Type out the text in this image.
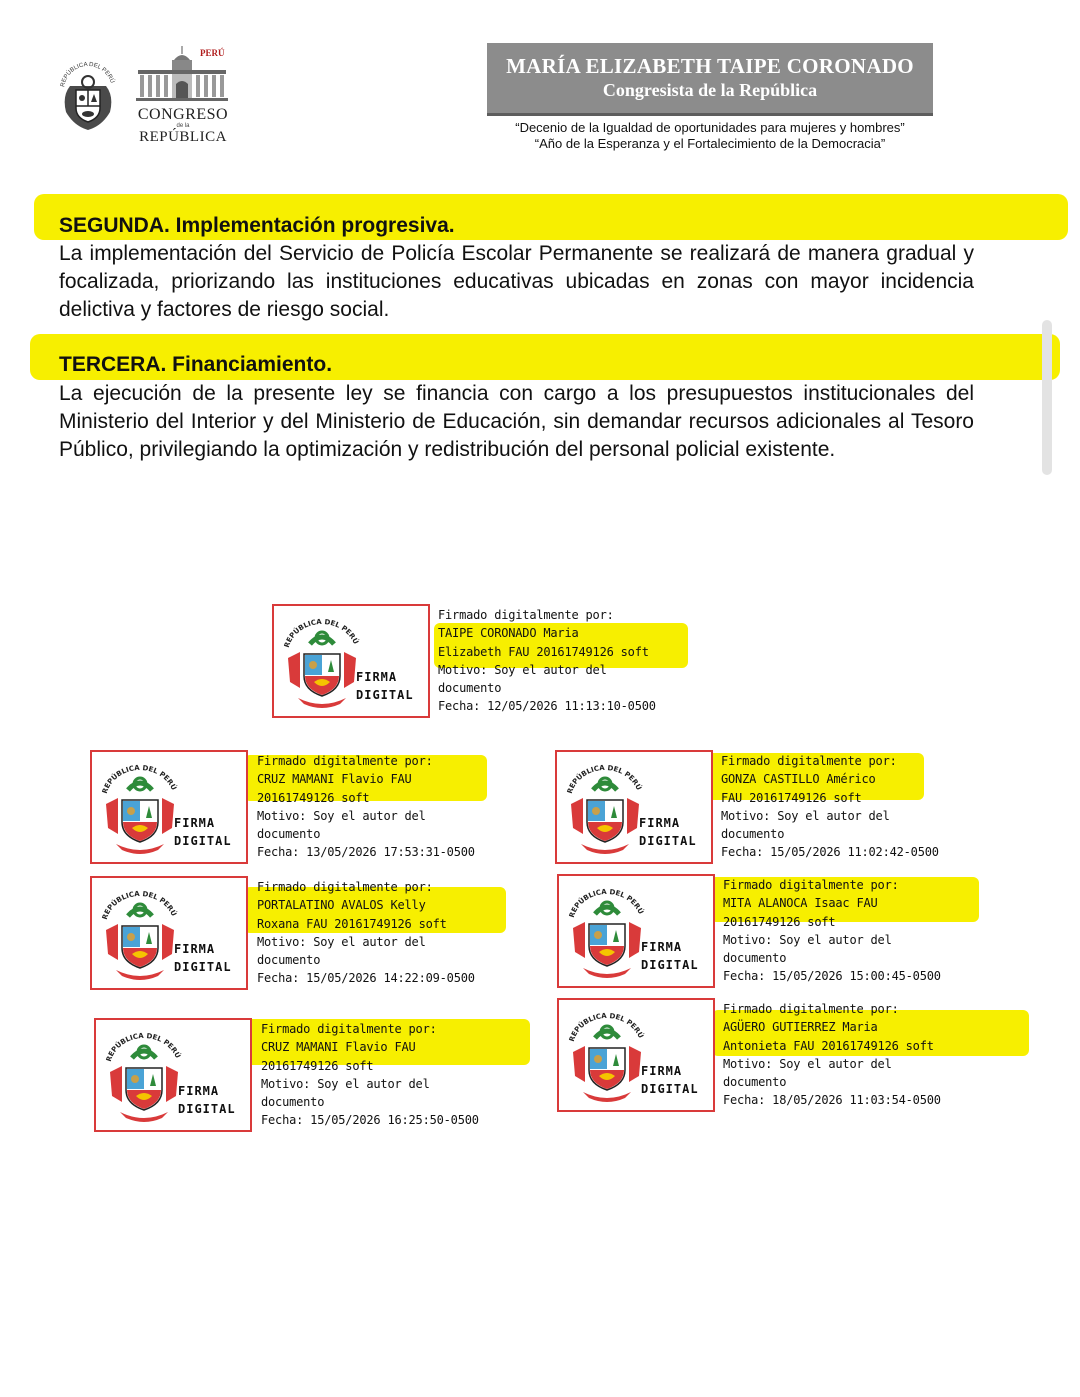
REPÚBLICA DEL PERÚ
PERÚ
CONGRESO
de la
REPÚBLICA
MARÍA ELIZABETH TAIPE CORONADO
Congresista de la República
“Decenio de la Igualdad de oportunidades para mujeres y hombres”
“Año de la Esperanza y el Fortalecimiento de la Democracia”
SEGUNDA. Implementación progresiva.
La implementación del Servicio de Policía Escolar Permanente se realizará de manera gradual y focalizada, priorizando las instituciones educativas ubicadas en zonas con mayor incidencia delictiva y factores de riesgo social.
TERCERA. Financiamiento.
La ejecución de la presente ley se financia con cargo a los presupuestos institucionales del Ministerio del Interior y del Ministerio de Educación, sin demandar recursos adicionales al Tesoro Público, privilegiando la optimización y redistribución del personal policial existente.
REPÚBLICA DEL PERÚ
FIRMA
DIGITAL
Firmado digitalmente por:
TAIPE CORONADO Maria
Elizabeth FAU 20161749126 soft
Motivo: Soy el autor del
documento
Fecha: 12/05/2026 11:13:10-0500
REPÚBLICA DEL PERÚ
FIRMA
DIGITAL
Firmado digitalmente por:
CRUZ MAMANI Flavio FAU
20161749126 soft
Motivo: Soy el autor del
documento
Fecha: 13/05/2026 17:53:31-0500
REPÚBLICA DEL PERÚ
FIRMA
DIGITAL
Firmado digitalmente por:
GONZA CASTILLO Américo
FAU 20161749126 soft
Motivo: Soy el autor del
documento
Fecha: 15/05/2026 11:02:42-0500
REPÚBLICA DEL PERÚ
FIRMA
DIGITAL
Firmado digitalmente por:
PORTALATINO AVALOS Kelly
Roxana FAU 20161749126 soft
Motivo: Soy el autor del
documento
Fecha: 15/05/2026 14:22:09-0500
REPÚBLICA DEL PERÚ
FIRMA
DIGITAL
Firmado digitalmente por:
MITA ALANOCA Isaac FAU
20161749126 soft
Motivo: Soy el autor del
documento
Fecha: 15/05/2026 15:00:45-0500
REPÚBLICA DEL PERÚ
FIRMA
DIGITAL
Firmado digitalmente por:
CRUZ MAMANI Flavio FAU
20161749126 soft
Motivo: Soy el autor del
documento
Fecha: 15/05/2026 16:25:50-0500
REPÚBLICA DEL PERÚ
FIRMA
DIGITAL
Firmado digitalmente por:
AGÜERO GUTIERREZ Maria
Antonieta FAU 20161749126 soft
Motivo: Soy el autor del
documento
Fecha: 18/05/2026 11:03:54-0500
